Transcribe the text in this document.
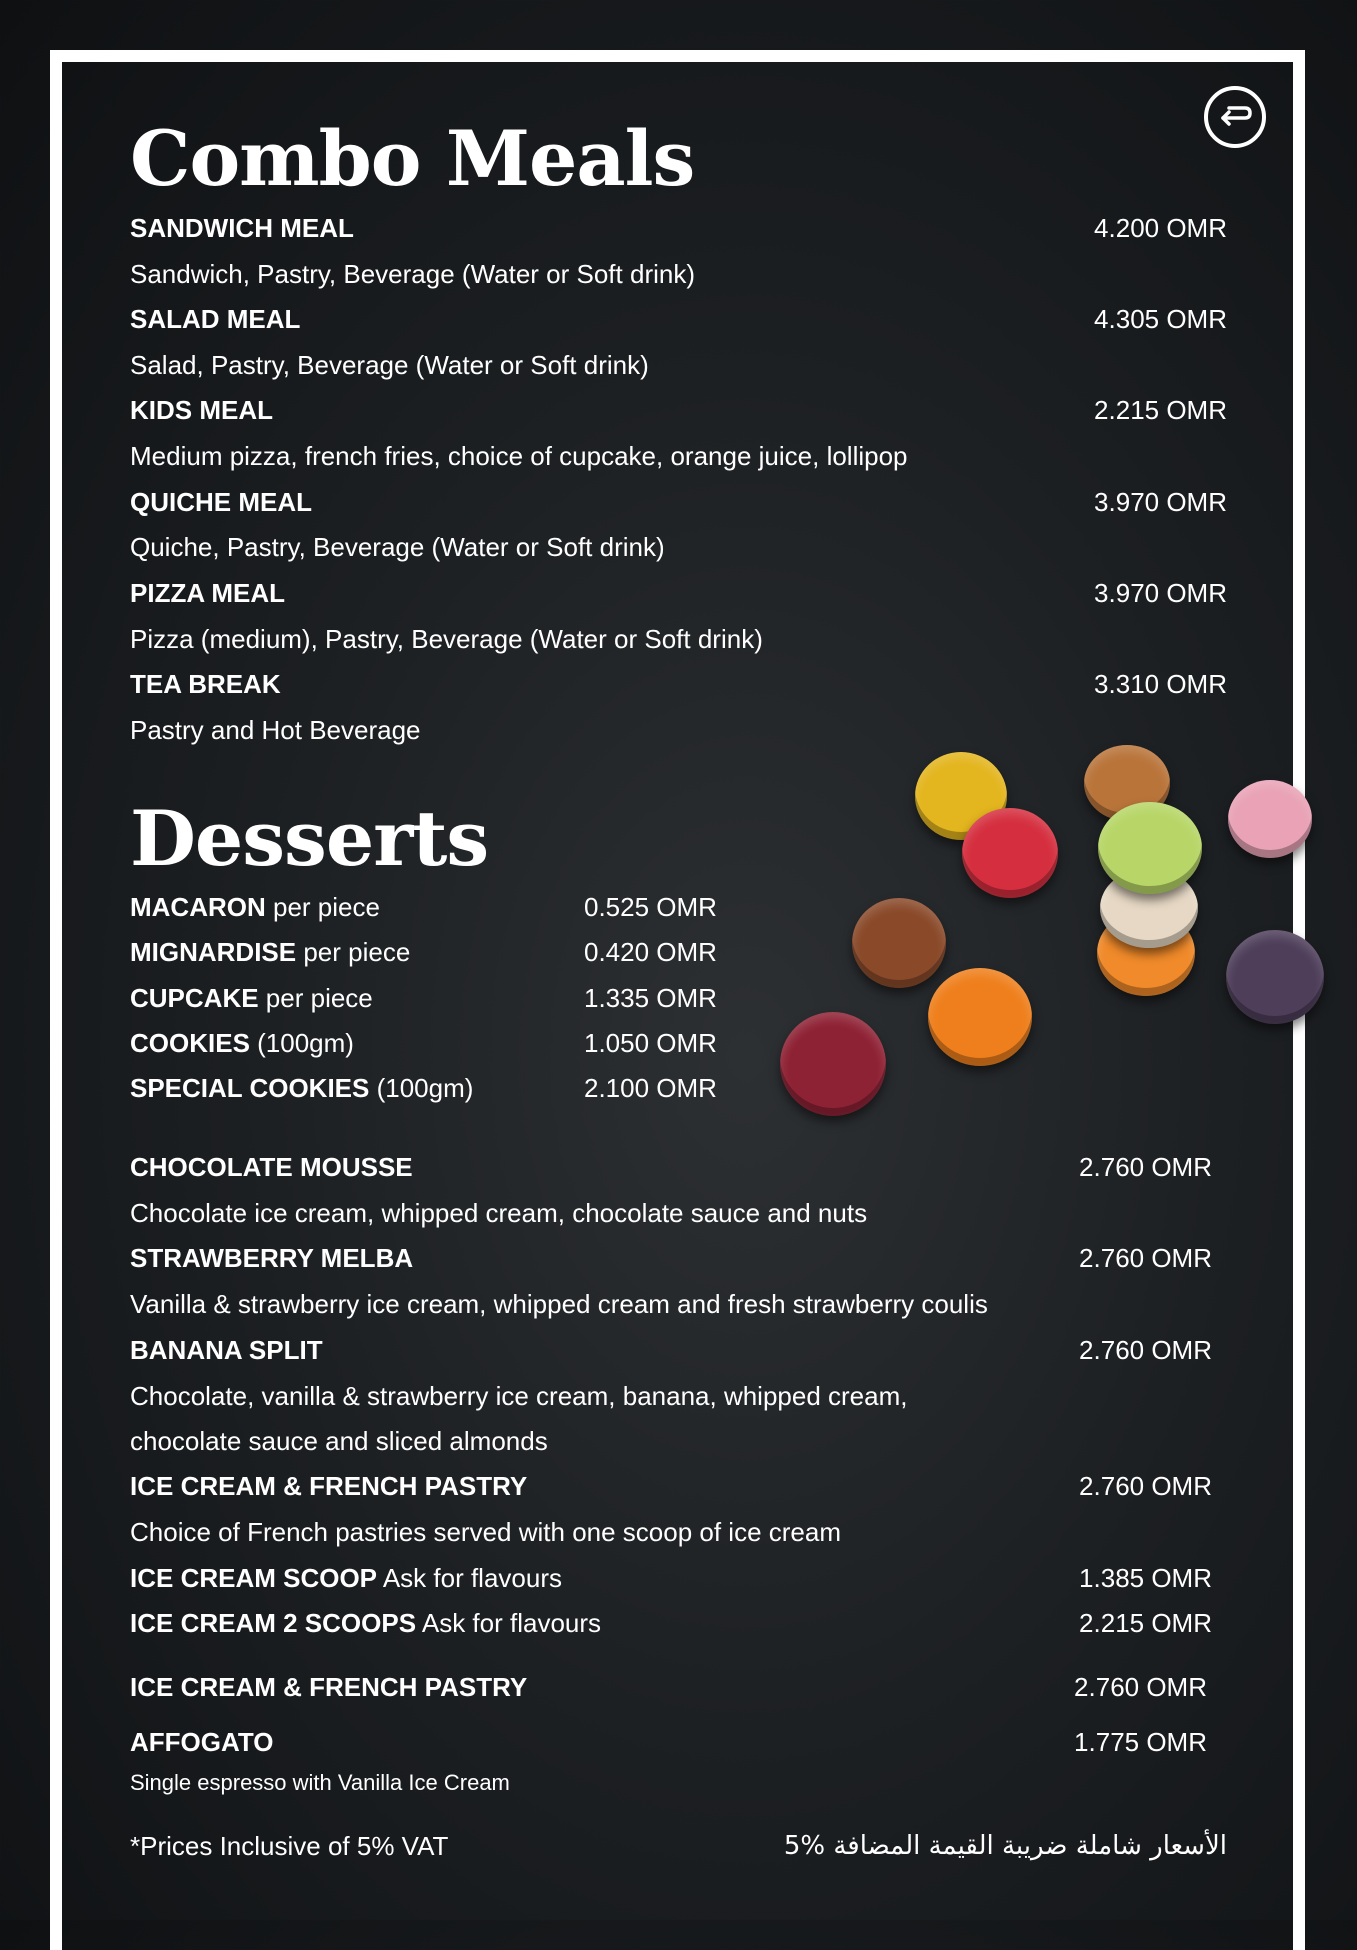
Combo Meals
SANDWICH MEAL	4.200 OMR
Sandwich, Pastry, Beverage (Water or Soft drink)
SALAD MEAL	4.305 OMR
Salad, Pastry, Beverage (Water or Soft drink)
KIDS MEAL	2.215 OMR
Medium pizza, french fries, choice of cupcake, orange juice, lollipop
QUICHE MEAL	3.970 OMR
Quiche, Pastry, Beverage (Water or Soft drink)
PIZZA MEAL	3.970 OMR
Pizza (medium), Pastry, Beverage (Water or Soft drink)
TEA BREAK	3.310 OMR
Pastry and Hot Beverage
Desserts
MACARON per piece	0.525 OMR
MIGNARDISE per piece	0.420 OMR
CUPCAKE per piece	1.335 OMR
COOKIES (100gm)	1.050 OMR
SPECIAL COOKIES (100gm)	2.100 OMR
CHOCOLATE MOUSSE	2.760 OMR
Chocolate ice cream, whipped cream, chocolate sauce and nuts
STRAWBERRY MELBA	2.760 OMR
Vanilla & strawberry ice cream, whipped cream and fresh strawberry coulis
BANANA SPLIT	2.760 OMR
Chocolate, vanilla & strawberry ice cream, banana, whipped cream,
chocolate sauce and sliced almonds
ICE CREAM & FRENCH PASTRY	2.760 OMR
Choice of French pastries served with one scoop of ice cream
ICE CREAM SCOOP Ask for flavours	1.385 OMR
ICE CREAM 2 SCOOPS Ask for flavours	2.215 OMR
ICE CREAM & FRENCH PASTRY	2.760 OMR
AFFOGATO	1.775 OMR
Single espresso with Vanilla Ice Cream
*Prices Inclusive of 5% VAT	الأسعار شاملة ضريبة القيمة المضافة %5
